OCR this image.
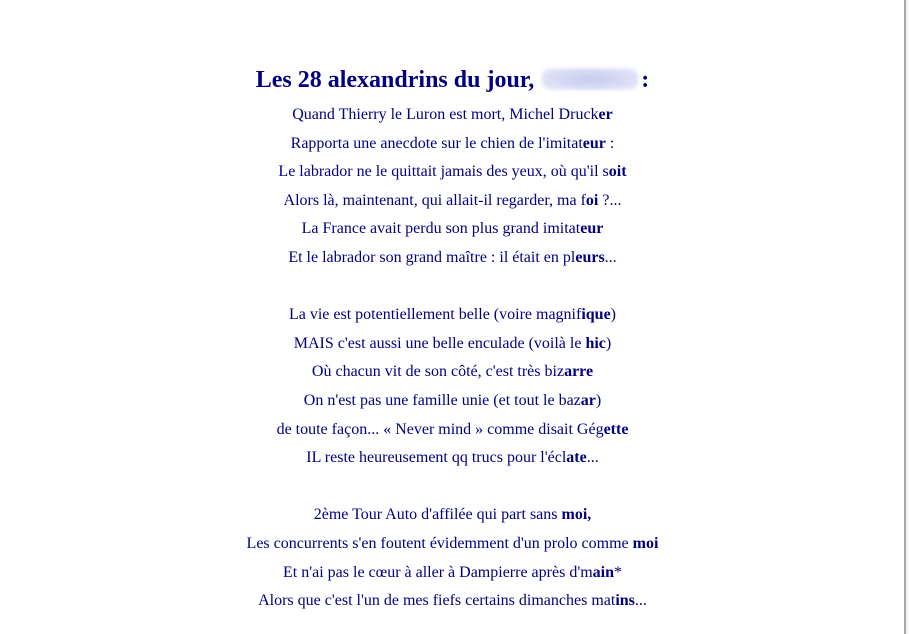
Les 28 alexandrins du jour,	:
Quand Thierry le Luron est mort, Michel Drucker
Rapporta une anecdote sur le chien de l'imitateur :
Le labrador ne le quittait jamais des yeux, où qu'il soit
Alors là, maintenant, qui allait-il regarder, ma foi ?...
La France avait perdu son plus grand imitateur
Et le labrador son grand maître : il était en pleurs...
La vie est potentiellement belle (voire magnifique)
MAIS c'est aussi une belle enculade (voilà le hic)
Où chacun vit de son côté, c'est très bizarre
On n'est pas une famille unie (et tout le bazar)
de toute façon... « Never mind » comme disait Gégette
IL reste heureusement qq trucs pour l'éclate...
2ème Tour Auto d'affilée qui part sans moi,
Les concurrents s'en foutent évidemment d'un prolo comme moi
Et n'ai pas le cœur à aller à Dampierre après d'main*
Alors que c'est l'un de mes fiefs certains dimanches matins...
